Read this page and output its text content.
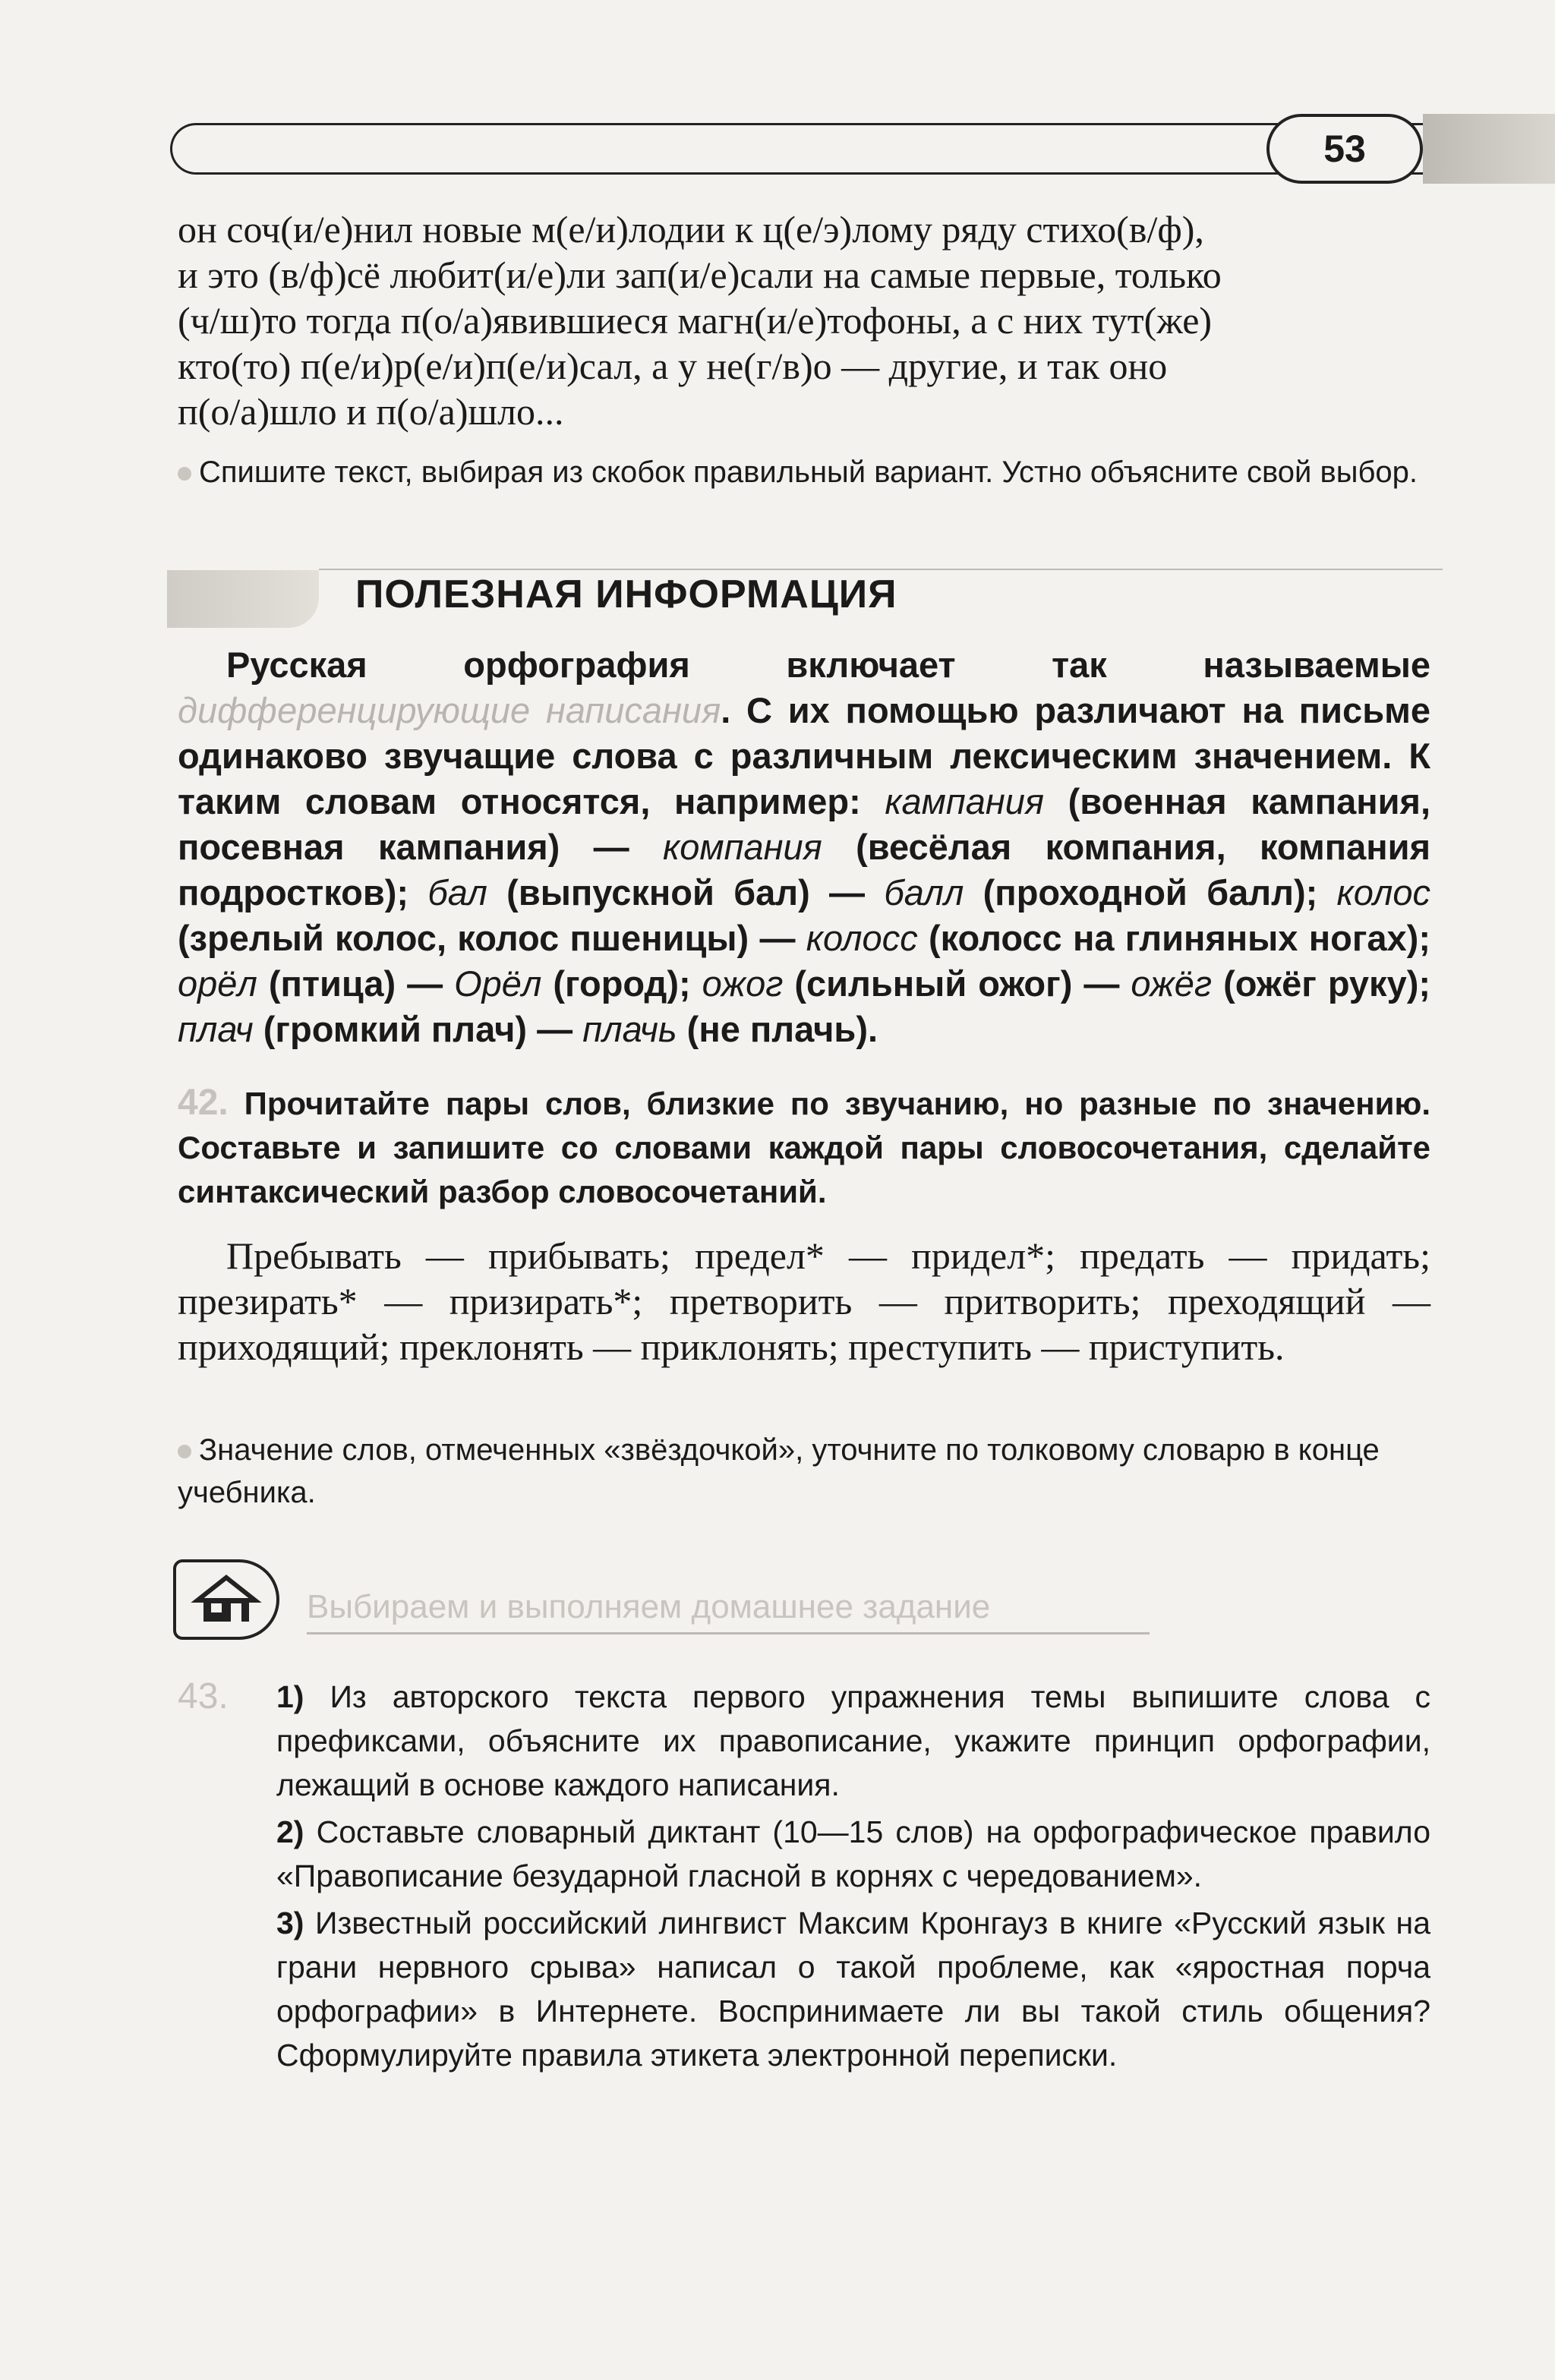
53

он соч(и/е)нил новые м(е/и)лодии к ц(е/э)лому ряду стихо(в/ф),

и это (в/ф)сё любит(и/е)ли зап(и/е)сали на самые первые, только

(ч/ш)то тогда п(о/а)явившиеся магн(и/е)тофоны, а с них тут(же)

кто(то) п(е/и)р(е/и)п(е/и)сал, а у не(г/в)о — другие, и так оно

п(о/а)шло и п(о/а)шло...

Спишите текст, выбирая из скобок правильный вариант. Устно объясните свой выбор.
ПОЛЕЗНАЯ ИНФОРМАЦИЯ

Русская орфография включает так называемые дифференцирующие написания. С их помощью различают на письме одинаково звучащие слова с различным лексическим значением. К таким словам относятся, например: кампания (военная кампания, посевная кампания) — компания (весёлая компания, компания подростков); бал (выпускной бал) — балл (проходной балл); колос (зрелый колос, колос пшеницы) — колосс (колосс на глиняных ногах); орёл (птица) — Орёл (город); ожог (сильный ожог) — ожёг (ожёг руку); плач (громкий плач) — плачь (не плачь).

42. Прочитайте пары слов, близкие по звучанию, но разные по значению. Составьте и запишите со словами каждой пары словосочетания, сделайте синтаксический разбор словосочетаний.

Пребывать — прибывать; предел* — придел*; предать — придать; презирать* — призирать*; претворить — притворить; преходящий — приходящий; преклонять — приклонять; преступить — приступить.

Значение слов, отмеченных «звёздочкой», уточните по толковому словарю в конце учебника.
Выбираем и выполняем домашнее задание
43. 1) Из авторского текста первого упражнения темы выпишите слова с префиксами, объясните их правописание, укажите принцип орфографии, лежащий в основе каждого написания.

2) Составьте словарный диктант (10—15 слов) на орфографическое правило «Правописание безударной гласной в корнях с чередованием».

3) Известный российский лингвист Максим Кронгауз в книге «Русский язык на грани нервного срыва» написал о такой проблеме, как «яростная порча орфографии» в Интернете. Воспринимаете ли вы такой стиль общения? Сформулируйте правила этикета электронной переписки.
